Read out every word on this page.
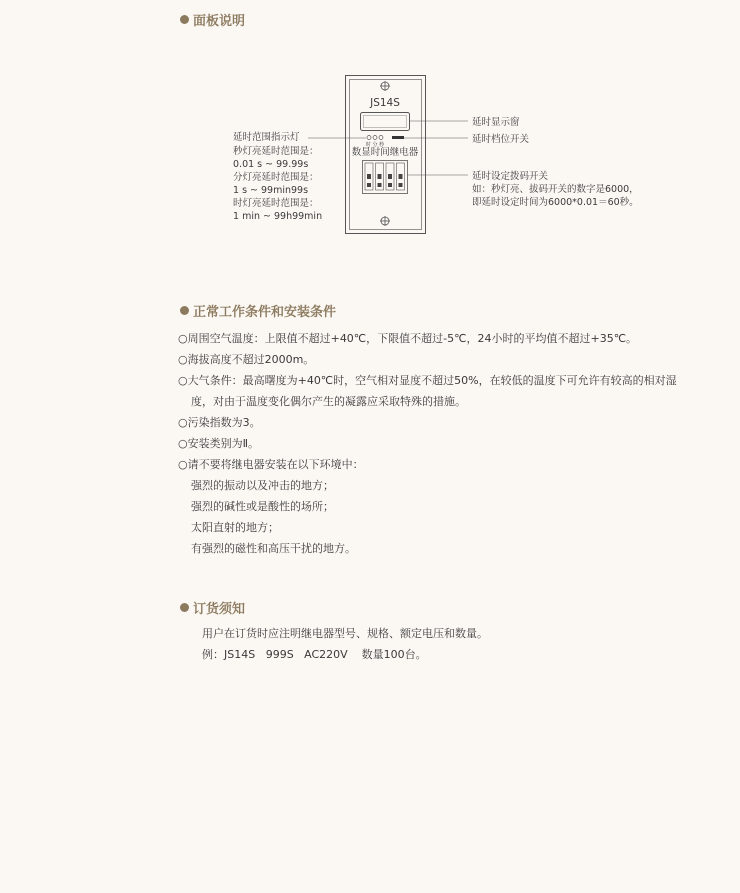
面板说明
JS14S
时 分 秒
数显时间继电器
延时范围指示灯
秒灯亮延时范围是：
0.01 s ~ 99.99s
分灯亮延时范围是：
1 s ~ 99min99s
时灯亮延时范围是：
1 min ~ 99h99min
延时显示窗
延时档位开关
延时设定拨码开关
如：秒灯亮、拔码开关的数字是6000，
即延时设定时间为6000*0.01＝60秒。
正常工作条件和安装条件
○周围空气温度：上限值不超过+40℃，下限值不超过-5℃，24小时的平均值不超过+35℃。
○海拔高度不超过2000m。
○大气条件：最高曙度为+40℃时，空气相对显度不超过50%，在较低的温度下可允许有较高的相对湿
度，对由于温度变化偶尔产生的凝露应采取特殊的措施。
○污染指数为3。
○安装类别为Ⅱ。
○请不要将继电器安装在以下环境中：
强烈的振动以及冲击的地方；
强烈的碱性或是酸性的场所；
太阳直射的地方；
有强烈的磁性和高压干扰的地方。
订货须知
用户在订货时应注明继电器型号、规格、额定电压和数量。
例：JS14S   999S   AC220V    数量100台。
